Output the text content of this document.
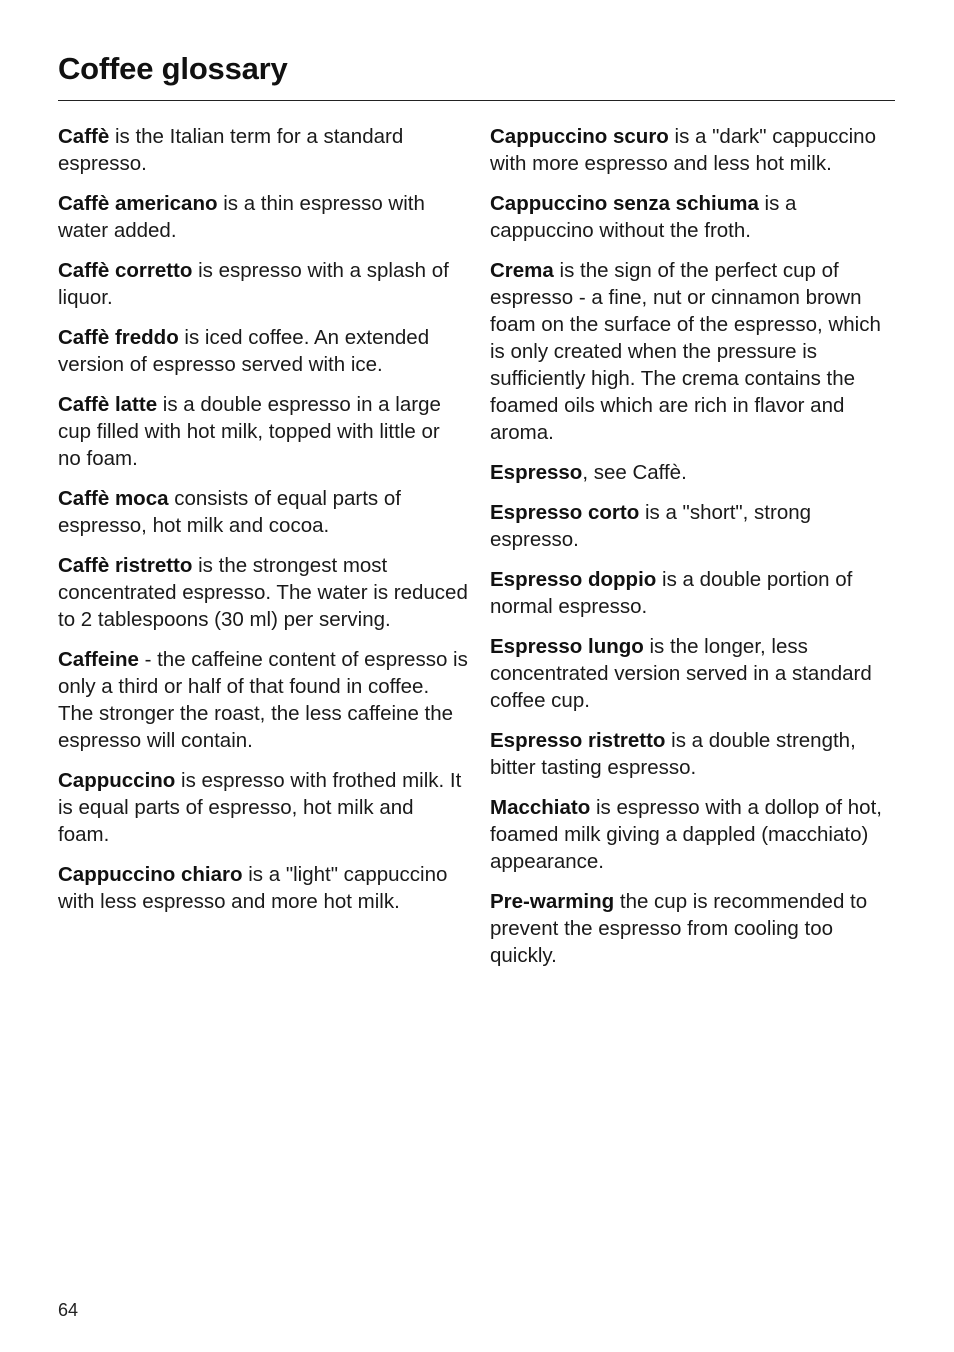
Coffee glossary

Caffè is the Italian term for a standard espresso.

Caffè americano is a thin espresso with water added.

Caffè corretto is espresso with a splash of liquor.

Caffè freddo is iced coffee. An extended version of espresso served with ice.

Caffè latte is a double espresso in a large cup filled with hot milk, topped with little or no foam.

Caffè moca consists of equal parts of espresso, hot milk and cocoa.

Caffè ristretto is the strongest most concentrated espresso. The water is reduced to 2 tablespoons (30 ml) per serving.

Caffeine - the caffeine content of espresso is only a third or half of that found in coffee. The stronger the roast, the less caffeine the espresso will contain.

Cappuccino is espresso with frothed milk. It is equal parts of espresso, hot milk and foam.

Cappuccino chiaro is a "light" cappuccino with less espresso and more hot milk.

Cappuccino scuro is a "dark" cappuccino with more espresso and less hot milk.

Cappuccino senza schiuma is a cappuccino without the froth.

Crema is the sign of the perfect cup of espresso - a fine, nut or cinnamon brown foam on the surface of the espresso, which is only created when the pressure is sufficiently high. The crema contains the foamed oils which are rich in flavor and aroma.

Espresso, see Caffè.

Espresso corto is a "short", strong espresso.

Espresso doppio is a double portion of normal espresso.

Espresso lungo is the longer, less concentrated version served in a standard coffee cup.

Espresso ristretto is a double strength, bitter tasting espresso.

Macchiato is espresso with a dollop of hot, foamed milk giving a dappled (macchiato) appearance.

Pre-warming the cup is recommended to prevent the espresso from cooling too quickly.

64
